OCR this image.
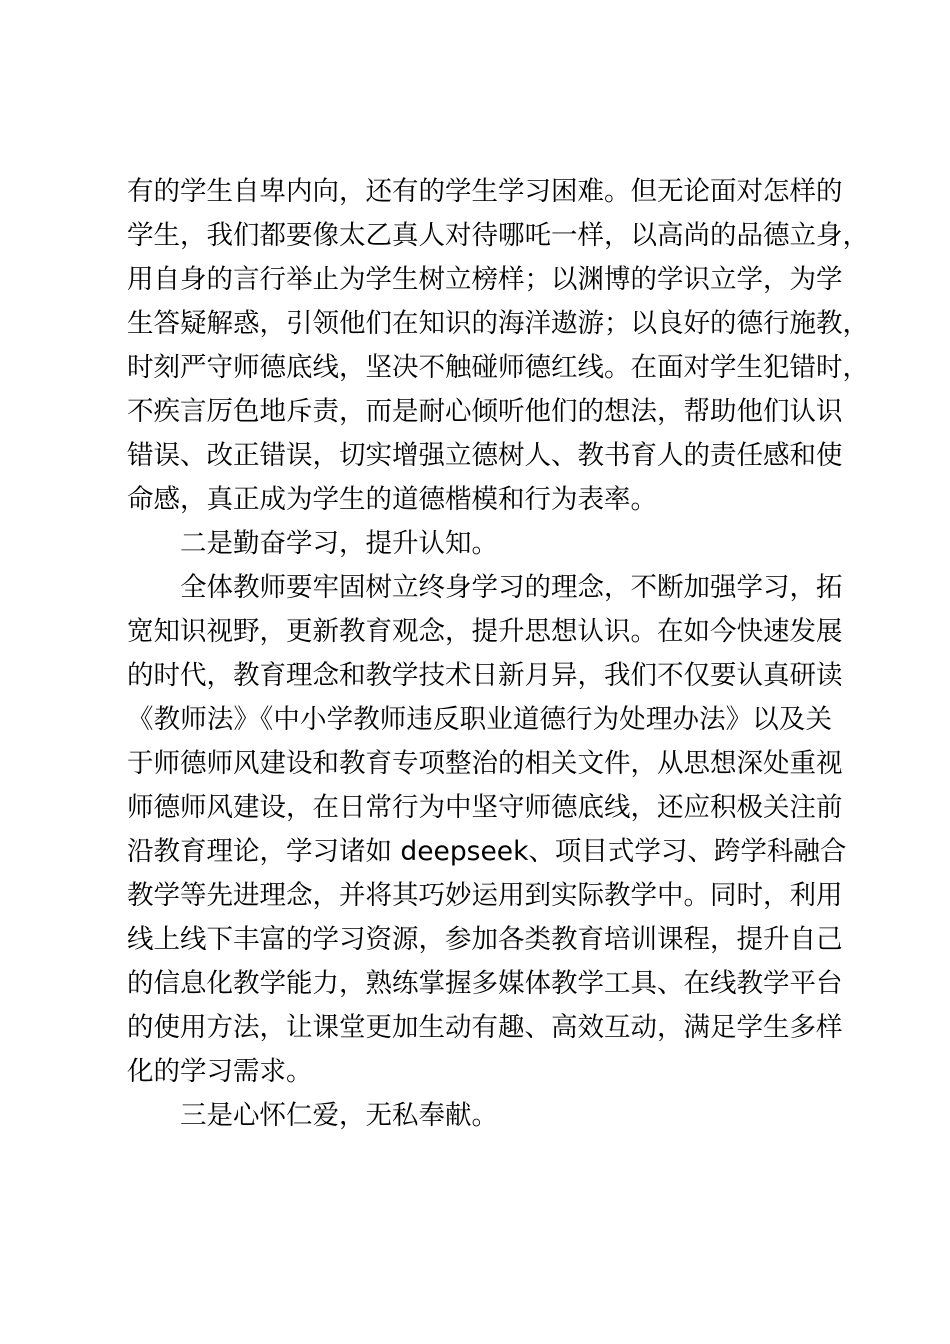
有的学生自卑内向，还有的学生学习困难。但无论面对怎样的
学生，我们都要像太乙真人对待哪吒一样，以高尚的品德立身，
用自身的言行举止为学生树立榜样；以渊博的学识立学，为学
生答疑解惑，引领他们在知识的海洋遨游；以良好的德行施教，
时刻严守师德底线，坚决不触碰师德红线。在面对学生犯错时，
不疾言厉色地斥责，而是耐心倾听他们的想法，帮助他们认识
错误、改正错误，切实增强立德树人、教书育人的责任感和使
命感，真正成为学生的道德楷模和行为表率。
二是勤奋学习，提升认知。
全体教师要牢固树立终身学习的理念，不断加强学习，拓
宽知识视野，更新教育观念，提升思想认识。在如今快速发展
的时代，教育理念和教学技术日新月异，我们不仅要认真研读
《教师法》《中小学教师违反职业道德行为处理办法》以及关
于师德师风建设和教育专项整治的相关文件，从思想深处重视
师德师风建设，在日常行为中坚守师德底线，还应积极关注前
沿教育理论，学习诸如 deepseek、项目式学习、跨学科融合
教学等先进理念，并将其巧妙运用到实际教学中。同时，利用
线上线下丰富的学习资源，参加各类教育培训课程，提升自己
的信息化教学能力，熟练掌握多媒体教学工具、在线教学平台
的使用方法，让课堂更加生动有趣、高效互动，满足学生多样
化的学习需求。
三是心怀仁爱，无私奉献。
